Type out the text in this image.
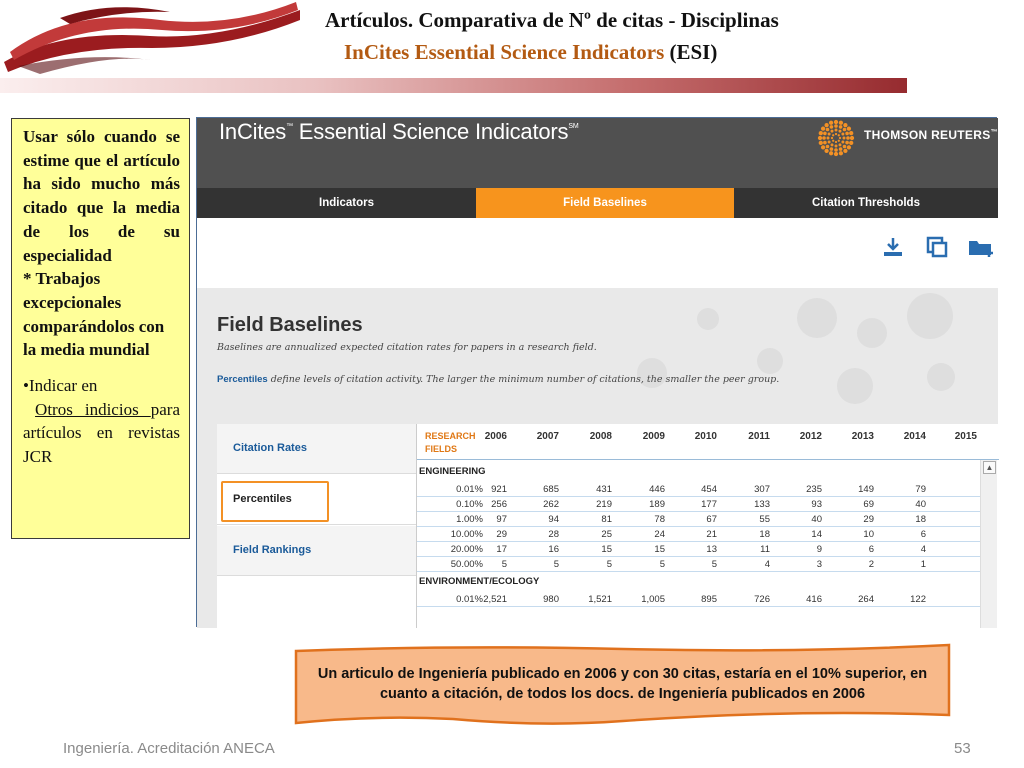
Artículos. Comparativa de Nº de citas - Disciplinas
InCites Essential Science Indicators (ESI)

Usar sólo cuando se estime que el artículo ha sido mucho más citado que la media de los de su especialidad

* Trabajos excepcionales comparándolos con la media mundial

•Indicar en

Otros indicios para artículos en revistas JCR

InCites™ Essential Science Indicators℠
THOMSON REUTERS™
Indicators	Field Baselines	Citation Thresholds
Field Baselines
Baselines are annualized expected citation rates for papers in a research field.
Percentiles define levels of citation activity. The larger the minimum number of citations, the smaller the peer group.
Citation Rates
Percentiles
Field Rankings
RESEARCH FIELDS
2006	2007	2008	2009	2010	2011	2012	2013	2014	2015
ENGINEERING
0.01% 921	685	431	446	454	307	235	149	79
0.10% 256	262	219	189	177	133	93	69	40
1.00%	97	94	81	78	67	55	40	29	18
10.00%	29	28	25	24	21	18	14	10	6
20.00%	17	16	15	15	13	11	9	6	4
50.00%	5	5	5	5	5	4	3	2	1
ENVIRONMENT/ECOLOGY
0.01% 2,521	980	1,521	1,005	895	726	416	264	122
▲
Un articulo de Ingeniería publicado en 2006 y con 30 citas, estaría en el 10% superior, en cuanto a citación, de todos los docs. de Ingeniería publicados en 2006
Ingeniería. Acreditación ANECA	53
